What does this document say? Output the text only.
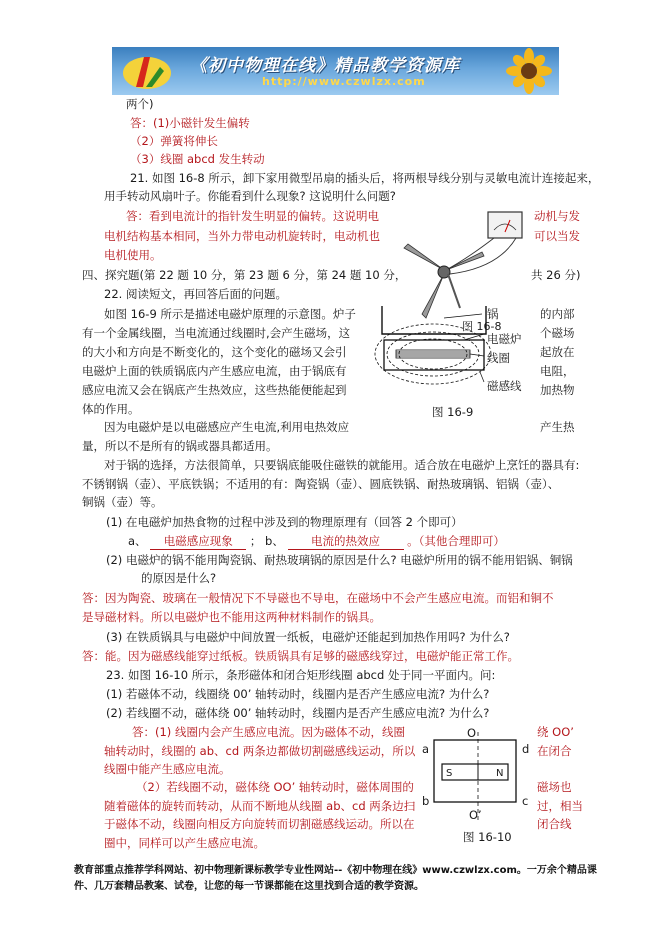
《初中物理在线》精品教学资源库
http://www.czwlzx.com
两个)
答：(1)小磁针发生偏转
（2）弹簧将伸长
（3）线圈 abcd 发生转动
21. 如图 16-8 所示，卸下家用微型吊扇的插头后，将两根导线分别与灵敏电流计连接起来，
用手转动风扇叶子。你能看到什么现象? 这说明什么问题?
答：看到电流计的指针发生明显的偏转。这说明电	动机与发
电机结构基本相同，当外力带电动机旋转时，电动机也	可以当发
电机使用。
四、探究题(第 22 题 10 分，第 23 题 6 分，第 24 题 10 分，	共 26 分)
22. 阅读短文，再回答后面的问题。
如图 16-9 所示是描述电磁炉原理的示意图。炉子	的内部
有一个金属线圈，当电流通过线圈时,会产生磁场，这	个磁场
的大小和方向是不断变化的，这个变化的磁场又会引	起放在
电磁炉上面的铁质锅底内产生感应电流，由于锅底有	电阻，
感应电流又会在锅底产生热效应，这些热能便能起到	加热物
体的作用。
因为电磁炉是以电磁感应产生电流,利用电热效应	产生热
量，所以不是所有的锅或器具都适用。
对于锅的选择，方法很简单，只要锅底能吸住磁铁的就能用。适合放在电磁炉上烹饪的器具有:
不锈钢锅（壶）、平底铁锅；不适用的有：陶瓷锅（壶）、圆底铁锅、耐热玻璃锅、铝锅（壶）、
铜锅（壶）等。
锅
图 16-8
电磁炉
线圈
磁感线
图 16-9
(1) 在电磁炉加热食物的过程中涉及到的物理原理有（回答 2 个即可）
a、 电磁感应现象 ； b、 电流的热效应 。（其他合理即可）
(2) 电磁炉的锅不能用陶瓷锅、耐热玻璃锅的原因是什么? 电磁炉所用的锅不能用铝锅、铜锅
的原因是什么?
答：因为陶瓷、玻璃在一般情况下不导磁也不导电，在磁场中不会产生感应电流。而铝和铜不
是导磁材料。所以电磁炉也不能用这两种材料制作的锅具。
(3) 在铁质锅具与电磁炉中间放置一纸板，电磁炉还能起到加热作用吗? 为什么?
答：能。因为磁感线能穿过纸板。铁质锅具有足够的磁感线穿过，电磁炉能正常工作。
23. 如图 16-10 所示，条形磁体和闭合矩形线圈 abcd 处于同一平面内。问:
(1) 若磁体不动，线圈绕 00’ 轴转动时，线圈内是否产生感应电流? 为什么?
(2) 若线圈不动，磁体绕 00’ 轴转动时，线圈内是否产生感应电流? 为什么?
答：(1) 线圈内会产生感应电流。因为磁体不动，线圈	绕 OO’
轴转动时，线圈的 ab、cd 两条边都做切割磁感线运动，所以	在闭合
线圈中能产生感应电流。
（2）若线圈不动，磁体绕 OO’ 轴转动时，磁体周围的	磁场也
随着磁体的旋转而转动，从而不断地从线圈 ab、cd 两条边扫	过，相当
于磁体不动，线圈向相反方向旋转而切割磁感线运动。所以在	闭合线
圈中，同样可以产生感应电流。
O
a	d
S	N
b	c
O’
图 16-10
教育部重点推荐学科网站、初中物理新课标教学专业性网站--《初中物理在线》www.czwlzx.com。一万余个精品课
件、几万套精品教案、试卷，让您的每一节课都能在这里找到合适的教学资源。
